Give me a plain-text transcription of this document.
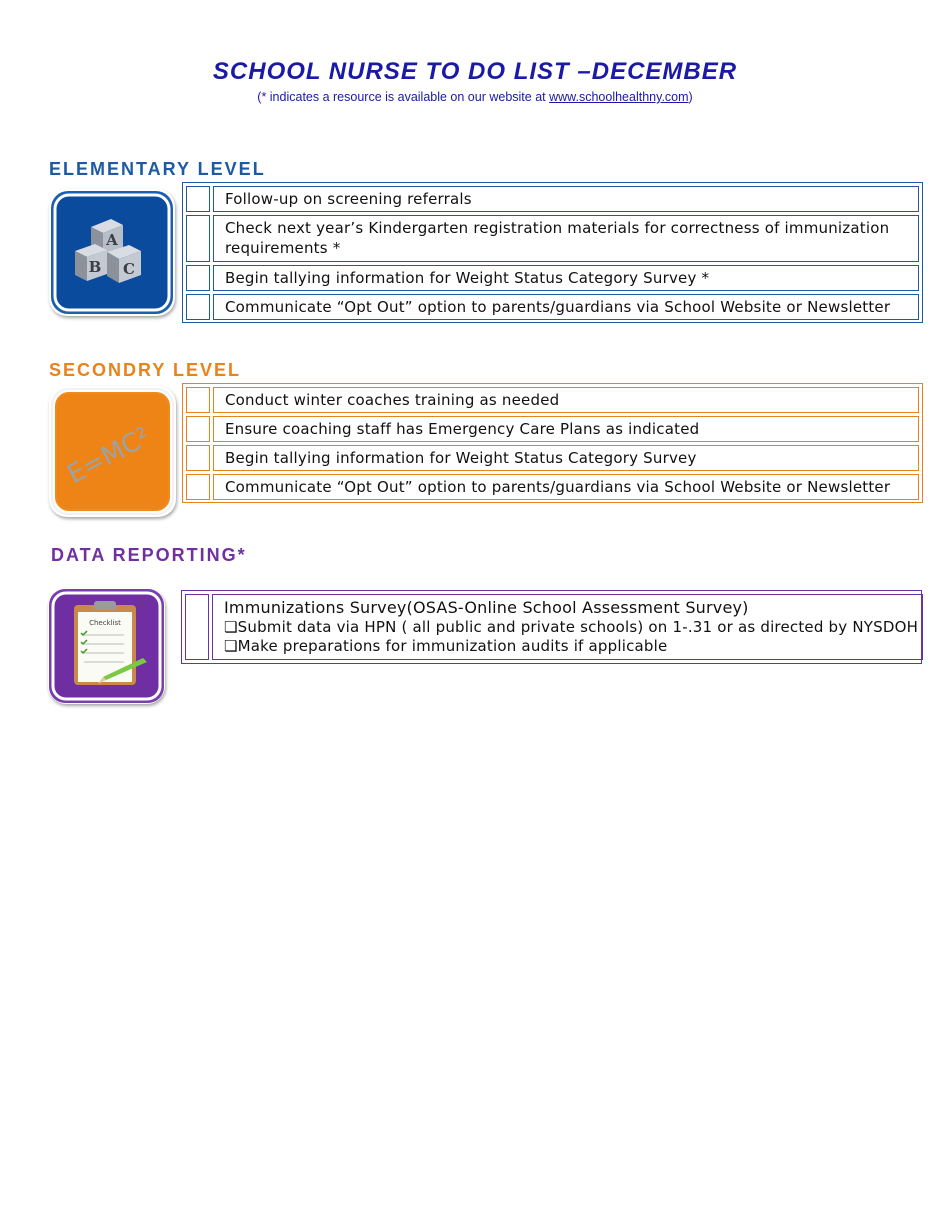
SCHOOL NURSE TO DO LIST –DECEMBER
(* indicates a resource is available on our website at www.schoolhealthny.com)
ELEMENTARY LEVEL
A
B C
Follow-up on screening referrals
Check next year’s Kindergarten registration materials for correctness of immunization requirements *
Begin tallying information for Weight Status Category Survey *
Communicate “Opt Out” option to parents/guardians via School Website or Newsletter
SECONDRY LEVEL
E=MC²
Conduct winter coaches training as needed
Ensure coaching staff has Emergency Care Plans as indicated
Begin tallying information for Weight Status Category Survey
Communicate “Opt Out” option to parents/guardians via School Website or Newsletter
DATA REPORTING*
Checklist
Immunizations Survey(OSAS-Online School Assessment Survey)
❏Submit data via HPN ( all public and private schools) on 1-.31 or as directed by NYSDOH
❏Make preparations for immunization audits if applicable
